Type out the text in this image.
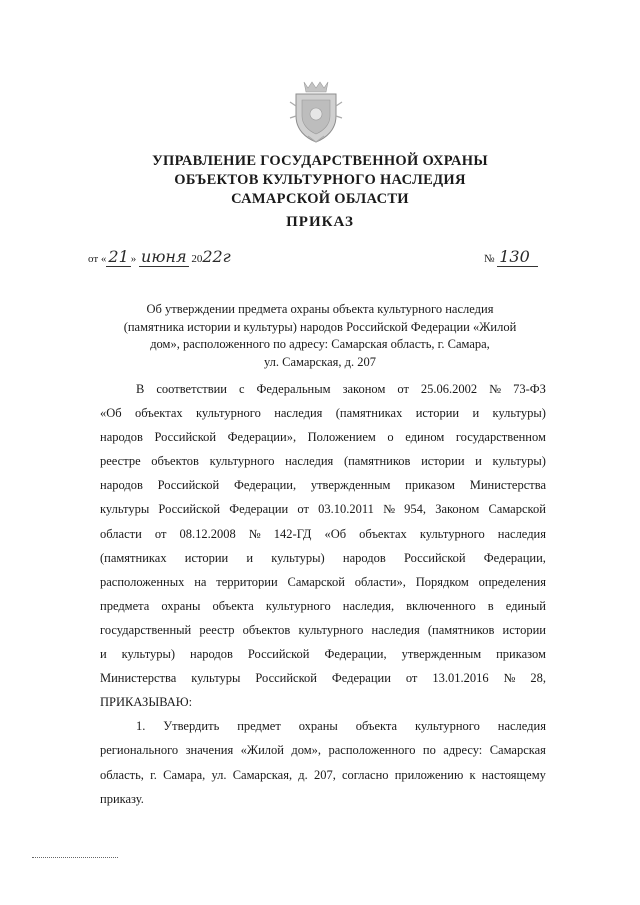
УПРАВЛЕНИЕ ГОСУДАРСТВЕННОЙ ОХРАНЫ
ОБЪЕКТОВ КУЛЬТУРНОГО НАСЛЕДИЯ
САМАРСКОЙ ОБЛАСТИ
ПРИКАЗ
от « 21 » июня 2022г	№ 130
Об утверждении предмета охраны объекта культурного наследия
(памятника истории и культуры) народов Российской Федерации «Жилой
дом», расположенного по адресу: Самарская область, г. Самара,
ул. Самарская, д. 207

В соответствии с Федеральным законом от 25.06.2002 № 73-ФЗ
«Об объектах культурного наследия (памятниках истории и культуры)
народов Российской Федерации», Положением о едином государственном
реестре объектов культурного наследия (памятников истории и культуры)
народов Российской Федерации, утвержденным приказом Министерства
культуры Российской Федерации от 03.10.2011 № 954, Законом Самарской
области от 08.12.2008 № 142-ГД «Об объектах культурного наследия
(памятниках истории и культуры) народов Российской Федерации,
расположенных на территории Самарской области», Порядком определения
предмета охраны объекта культурного наследия, включенного в единый
государственный реестр объектов культурного наследия (памятников истории
и культуры) народов Российской Федерации, утвержденным приказом
Министерства культуры Российской Федерации от 13.01.2016 № 28,
ПРИКАЗЫВАЮ:

1. Утвердить предмет охраны объекта культурного наследия
регионального значения «Жилой дом», расположенного по адресу: Самарская
область, г. Самара, ул. Самарская, д. 207, согласно приложению к настоящему
приказу.
